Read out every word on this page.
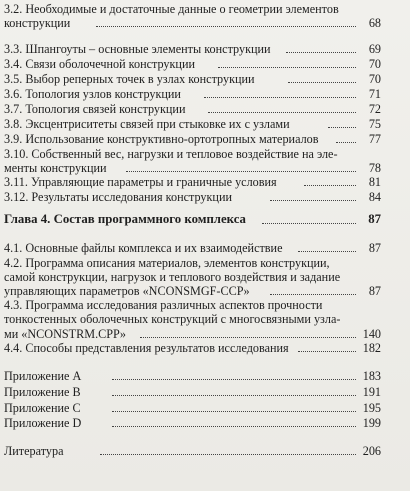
3.2. Необходимые и достаточные данные о геометрии элементов
конструкции	68
3.3. Шпангоуты – основные элементы конструкции	69
3.4. Связи оболочечной конструкции	70
3.5. Выбор реперных точек в узлах конструкции	70
3.6. Топология узлов конструкции	71
3.7. Топология связей конструкции	72
3.8. Эксцентриситеты связей при стыковке их с узлами	75
3.9. Использование конструктивно-ортотропных материалов	77
3.10. Собственный вес, нагрузки и тепловое воздействие на эле-
менты конструкции	78
3.11. Управляющие параметры и граничные условия	81
3.12. Результаты исследования конструкции	84
Глава 4. Состав программного комплекса	87
4.1. Основные файлы комплекса и их взаимодействие	87
4.2. Программа описания материалов, элементов конструкции,
самой конструкции, нагрузок и теплового воздействия и задание
управляющих параметров «NCONSMGF-CCP»	87
4.3. Программа исследования различных аспектов прочности
тонкостенных оболочечных конструкций с многосвязными узла-
ми «NCONSTRM.CPP»	140
4.4. Способы представления результатов исследования	182
Приложение А	183
Приложение В	191
Приложение С	195
Приложение D	199
Литература	206
